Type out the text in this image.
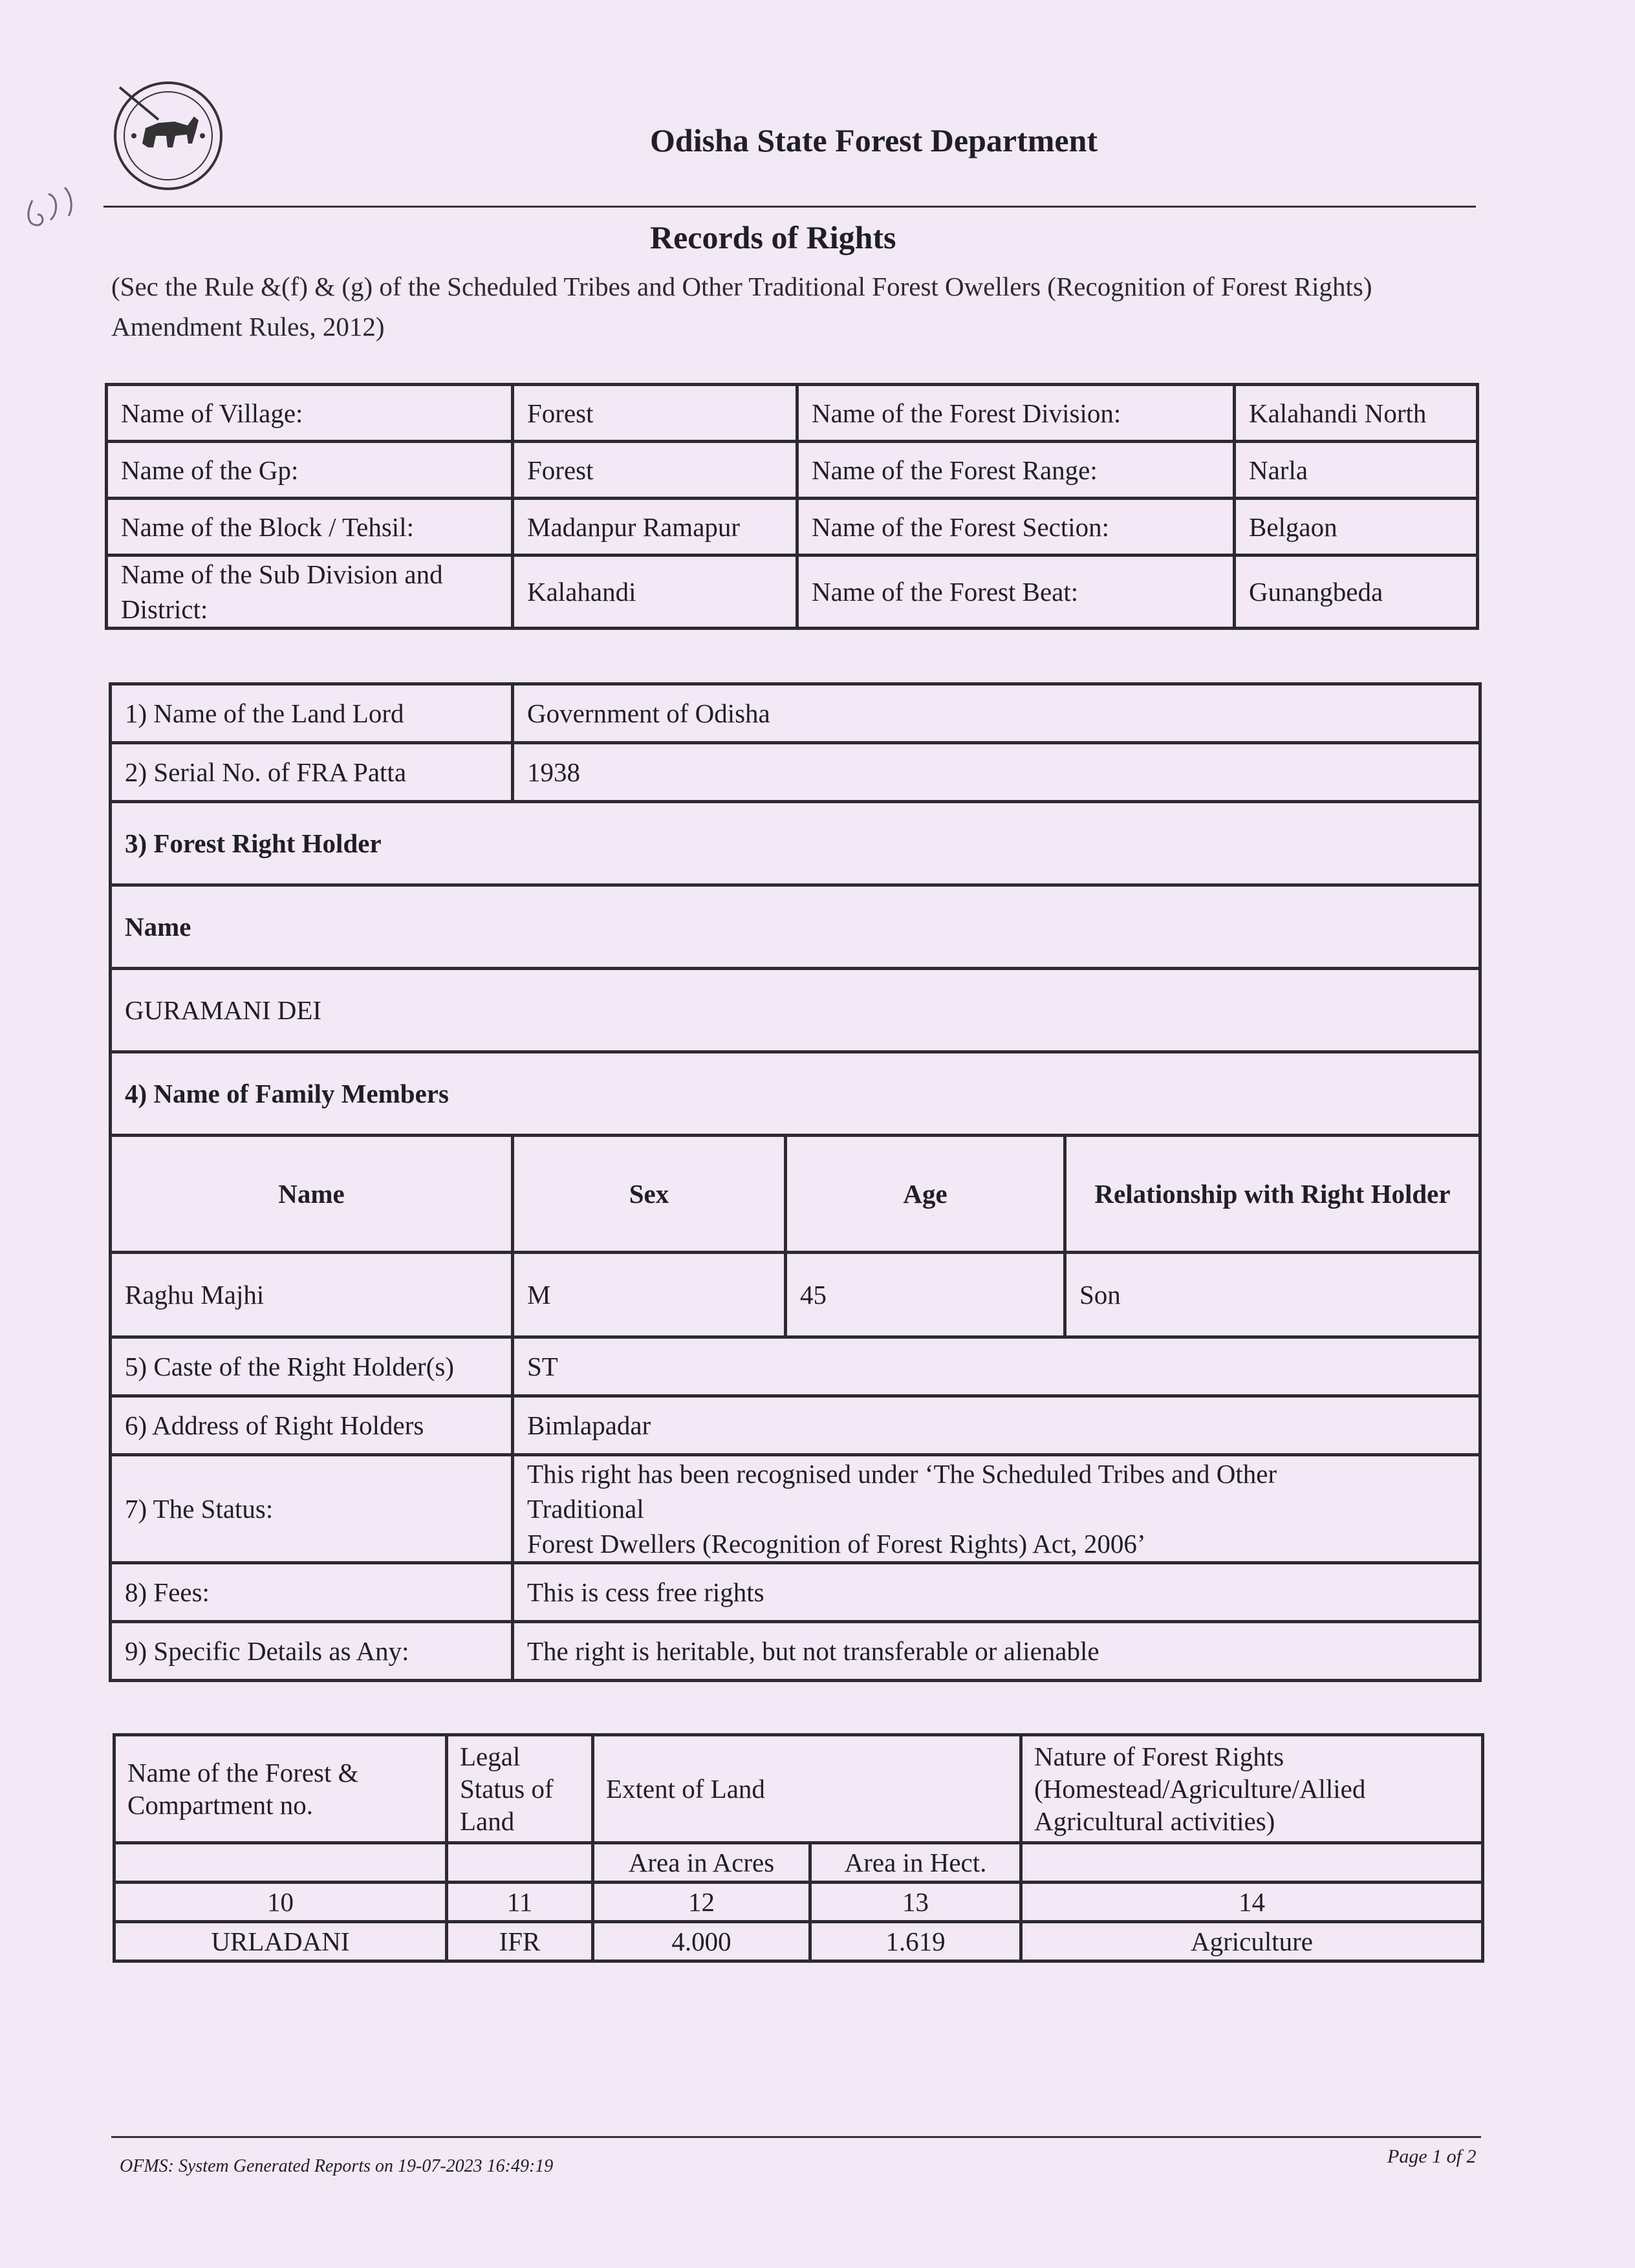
Odisha State Forest Department
Records of Rights
(Sec the Rule &(f) & (g) of the Scheduled Tribes and Other Traditional Forest Owellers (Recognition of Forest Rights) Amendment Rules, 2012)
Name of Village:	Forest	Name of the Forest Division:	Kalahandi North
Name of the Gp:	Forest	Name of the Forest Range:	Narla
Name of the Block / Tehsil:	Madanpur Ramapur	Name of the Forest Section:	Belgaon
Name of the Sub Division and District:	Kalahandi	Name of the Forest Beat:	Gunangbeda
1) Name of the Land Lord	Government of Odisha		
2) Serial No. of FRA Patta	1938		
3) Forest Right Holder			
Name			
GURAMANI DEI			
4) Name of Family Members			
Name	Sex	Age	Relationship with Right Holder
Raghu Majhi	M	45	Son
5) Caste of the Right Holder(s)	ST		
6) Address of Right Holders	Bimlapadar		
7) The Status:	This right has been recognised under ‘The Scheduled Tribes and Other
Traditional
Forest Dwellers (Recognition of Forest Rights) Act, 2006’		

8) Fees:	This is cess free rights		
9) Specific Details as Any:	The right is heritable, but not transferable or alienable		
Name of the Forest & Compartment no.	Legal Status of Land	Extent of Land		Nature of Forest Rights (Homestead/Agriculture/Allied Agricultural activities)
		Area in Acres	Area in Hect.	
10	11	12	13	14
URLADANI	IFR	4.000	1.619	Agriculture
OFMS: System Generated Reports on 19-07-2023 16:49:19	Page 1 of 2
